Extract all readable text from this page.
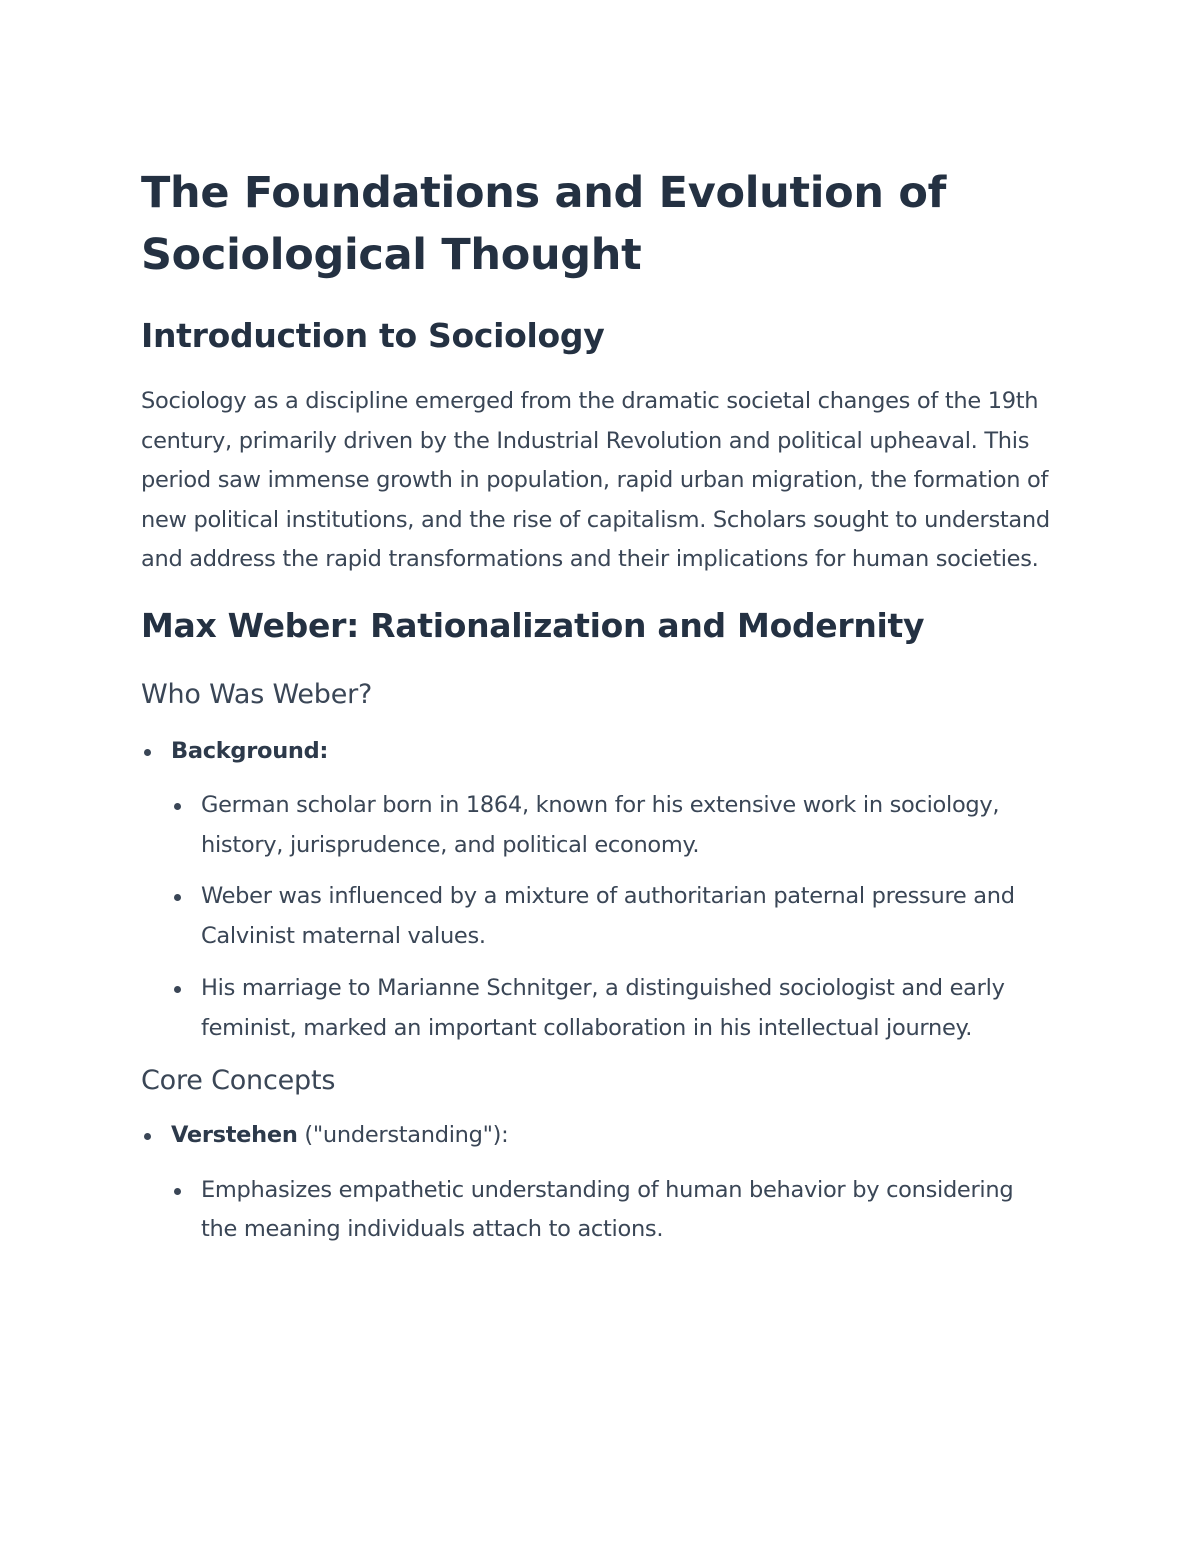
The Foundations and Evolution of Sociological Thought
Introduction to Sociology

Sociology as a discipline emerged from the dramatic societal changes of the 19th century, primarily driven by the Industrial Revolution and political upheaval. This period saw immense growth in population, rapid urban migration, the formation of new political institutions, and the rise of capitalism. Scholars sought to understand and address the rapid transformations and their implications for human societies.

Max Weber: Rationalization and Modernity
Who Was Weber?
Background:
German scholar born in 1864, known for his extensive work in sociology, history, jurisprudence, and political economy.
Weber was influenced by a mixture of authoritarian paternal pressure and Calvinist maternal values.
His marriage to Marianne Schnitger, a distinguished sociologist and early feminist, marked an important collaboration in his intellectual journey.
Core Concepts
Verstehen ("understanding"):
Emphasizes empathetic understanding of human behavior by considering the meaning individuals attach to actions.
